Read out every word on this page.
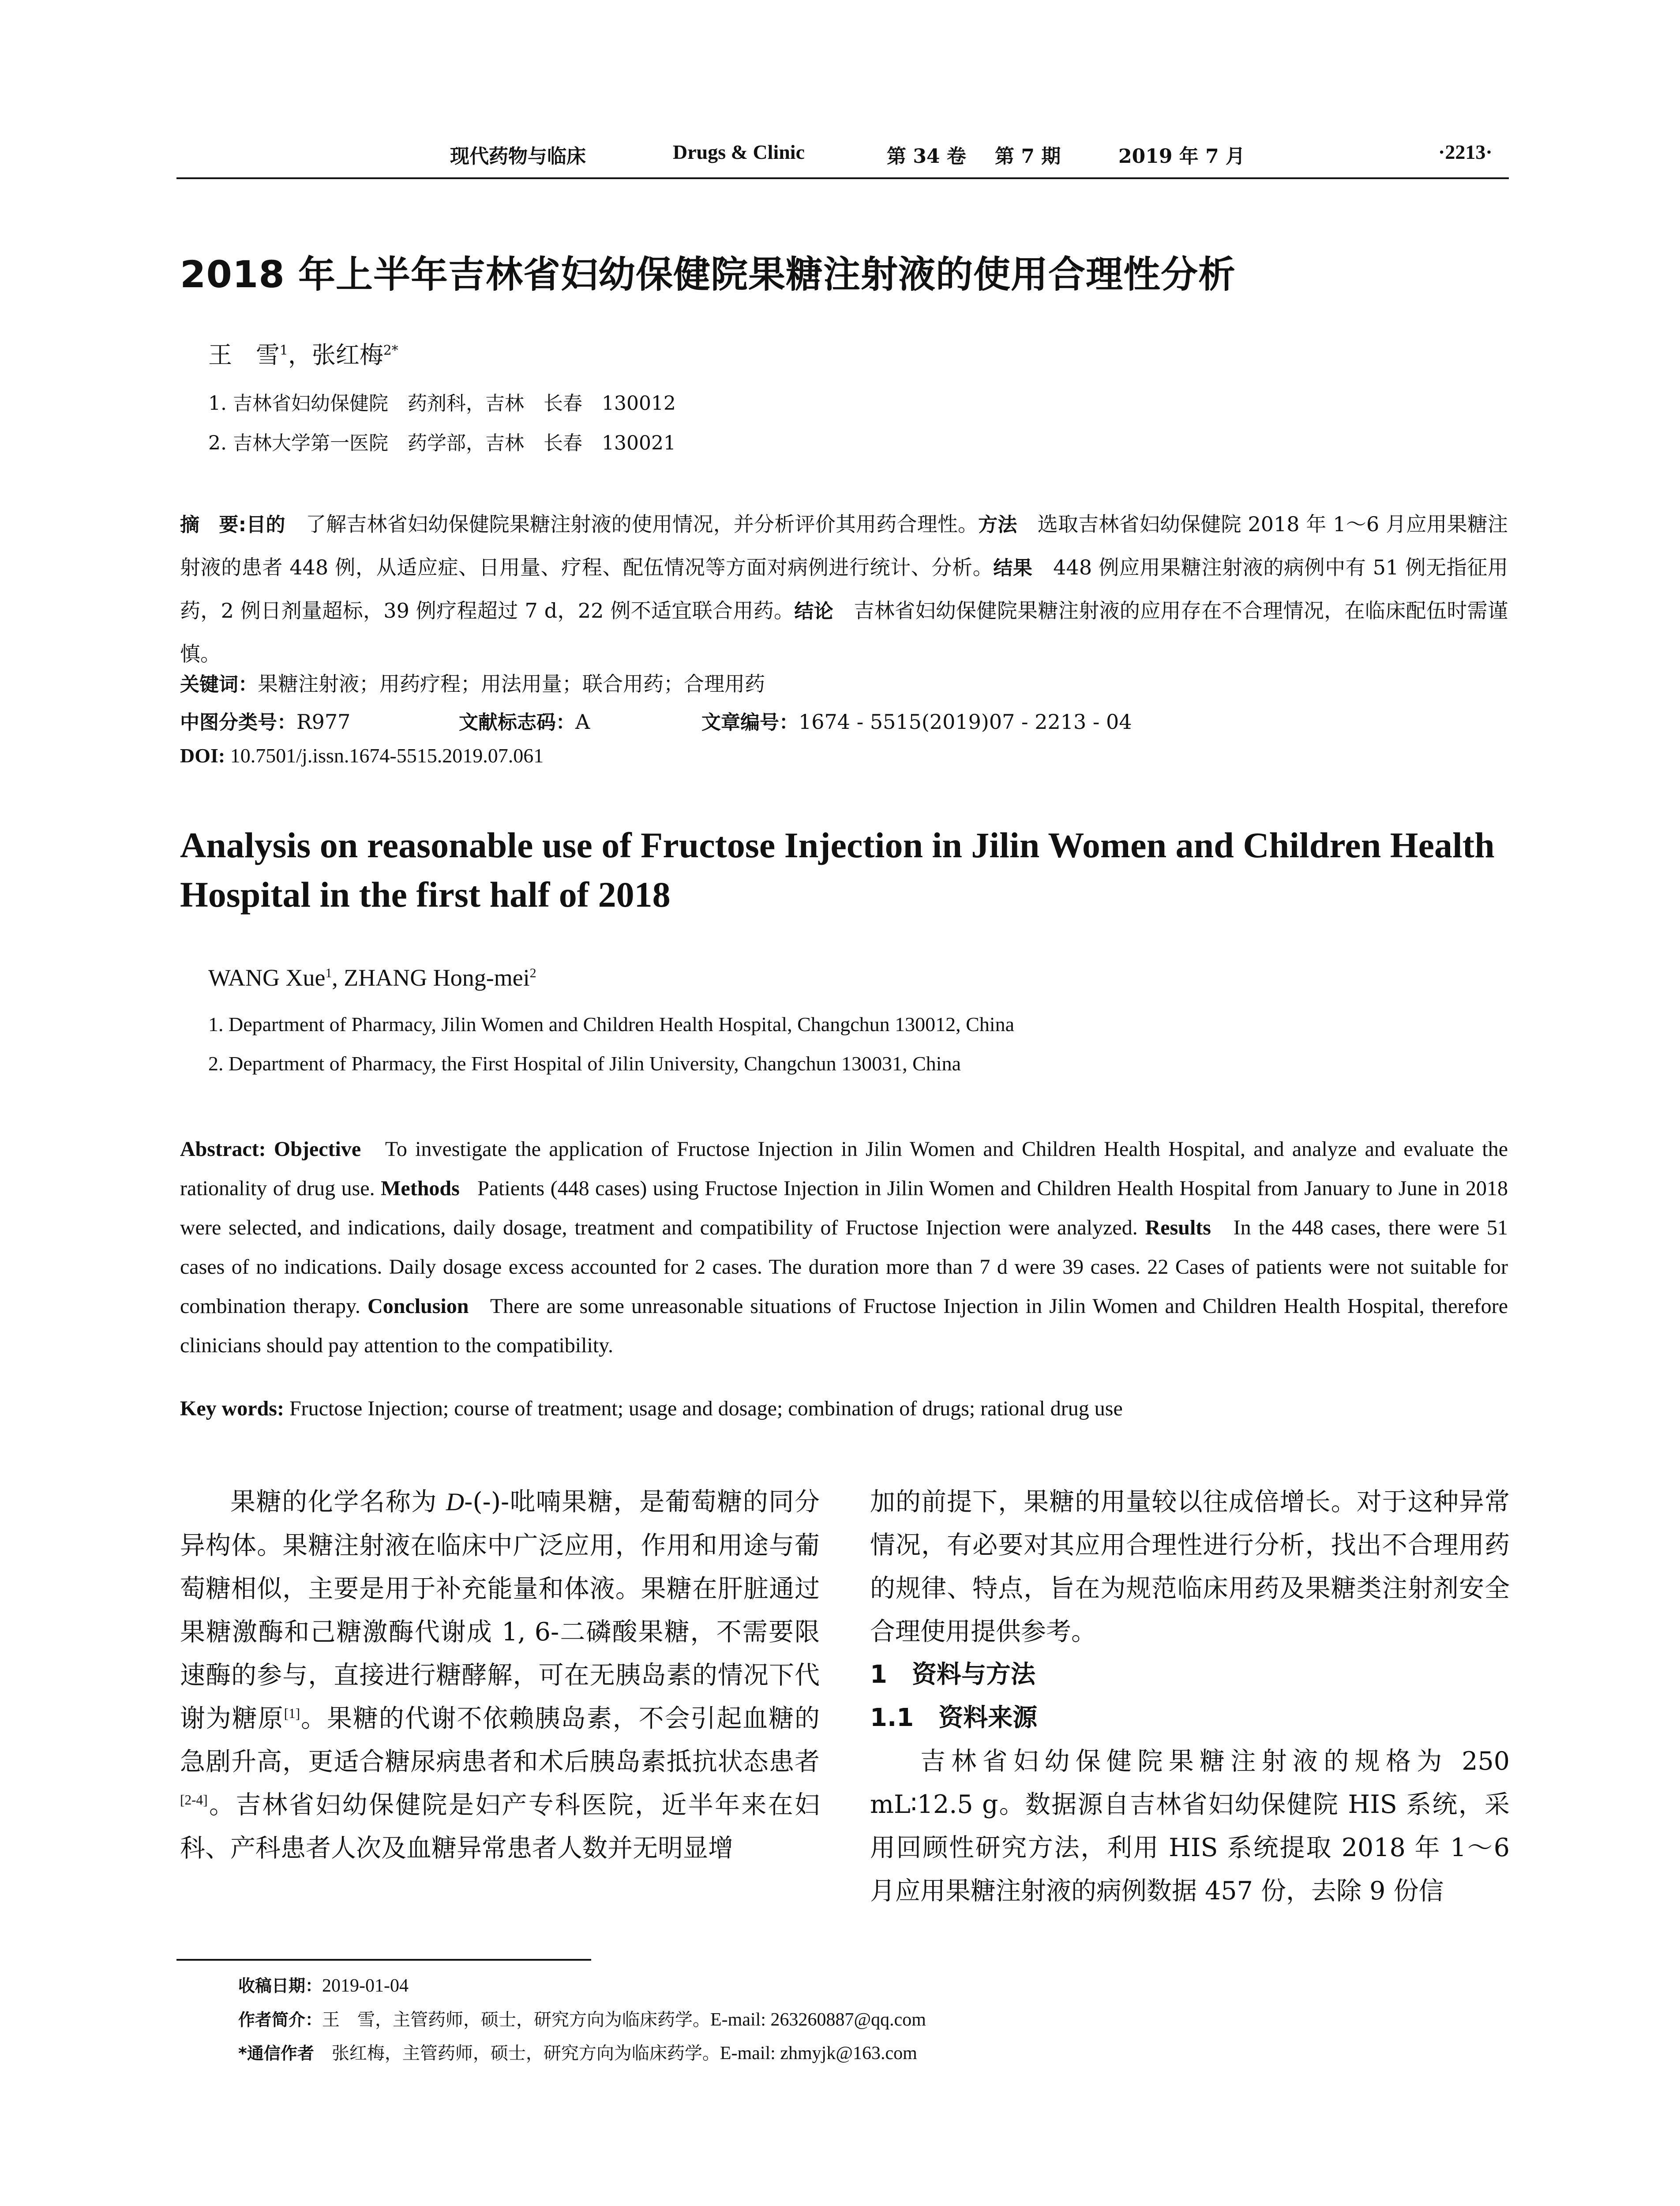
现代药物与临床	Drugs & Clinic	第 34 卷 第 7 期	2019 年 7 月	·2213·
2018 年上半年吉林省妇幼保健院果糖注射液的使用合理性分析
王　雪$^1$，张红梅$^{2*}$
1. 吉林省妇幼保健院　药剂科，吉林　长春　130012
2. 吉林大学第一医院　药学部，吉林　长春　130021
摘　要:目的　 了解吉林省妇幼保健院果糖注射液的使用情况，并分析评价其用药合理性。方法　 选取吉林省妇幼保健院 2018 年 1～6 月应用果糖注射液的患者 448 例，从适应症、日用量、疗程、配伍情况等方面对病例进行统计、分析。结果　 448 例应用果糖注射液的病例中有 51 例无指征用药，2 例日剂量超标，39 例疗程超过 7 d，22 例不适宜联合用药。结论　 吉林省妇幼保健院果糖注射液的应用存在不合理情况，在临床配伍时需谨慎。
关键词：果糖注射液；用药疗程；用法用量；联合用药；合理用药
中图分类号：R977	文献标志码：A	文章编号：1674 - 5515(2019)07 - 2213 - 04
DOI: 10.7501/j.issn.1674-5515.2019.07.061
Analysis on reasonable use of Fructose Injection in Jilin Women and Children Health Hospital in the first half of 2018
WANG Xue$^1$, ZHANG Hong-mei$^2$
1. Department of Pharmacy, Jilin Women and Children Health Hospital, Changchun 130012, China
2. Department of Pharmacy, the First Hospital of Jilin University, Changchun 130031, China
Abstract: Objective To investigate the application of Fructose Injection in Jilin Women and Children Health Hospital, and analyze and evaluate the rationality of drug use. Methods Patients (448 cases) using Fructose Injection in Jilin Women and Children Health Hospital from January to June in 2018 were selected, and indications, daily dosage, treatment and compatibility of Fructose Injection were analyzed. Results In the 448 cases, there were 51 cases of no indications. Daily dosage excess accounted for 2 cases. The duration more than 7 d were 39 cases. 22 Cases of patients were not suitable for combination therapy. Conclusion There are some unreasonable situations of Fructose Injection in Jilin Women and Children Health Hospital, therefore clinicians should pay attention to the compatibility.
Key words: Fructose Injection; course of treatment; usage and dosage; combination of drugs; rational drug use

果糖的化学名称为 D-(-)-吡喃果糖，是葡萄糖的同分异构体。果糖注射液在临床中广泛应用，作用和用途与葡萄糖相似，主要是用于补充能量和体液。果糖在肝脏通过果糖激酶和己糖激酶代谢成 1, 6-二磷酸果糖，不需要限速酶的参与，直接进行糖酵解，可在无胰岛素的情况下代谢为糖原[1]。果糖的代谢不依赖胰岛素，不会引起血糖的急剧升高，更适合糖尿病患者和术后胰岛素抵抗状态患者[2-4]。吉林省妇幼保健院是妇产专科医院，近半年来在妇科、产科患者人次及血糖异常患者人数并无明显增

加的前提下，果糖的用量较以往成倍增长。对于这种异常情况，有必要对其应用合理性进行分析，找出不合理用药的规律、特点，旨在为规范临床用药及果糖类注射剂安全合理使用提供参考。

1　资料与方法

1.1　资料来源

吉林省妇幼保健院果糖注射液的规格为 250 mL∶12.5 g。数据源自吉林省妇幼保健院 HIS 系统，采用回顾性研究方法，利用 HIS 系统提取 2018 年 1～6 月应用果糖注射液的病例数据 457 份，去除 9 份信

收稿日期：2019-01-04
作者简介：王　雪，主管药师，硕士，研究方向为临床药学。E-mail: 263260887@qq.com
*通信作者　 张红梅，主管药师，硕士，研究方向为临床药学。E-mail: zhmyjk@163.com
